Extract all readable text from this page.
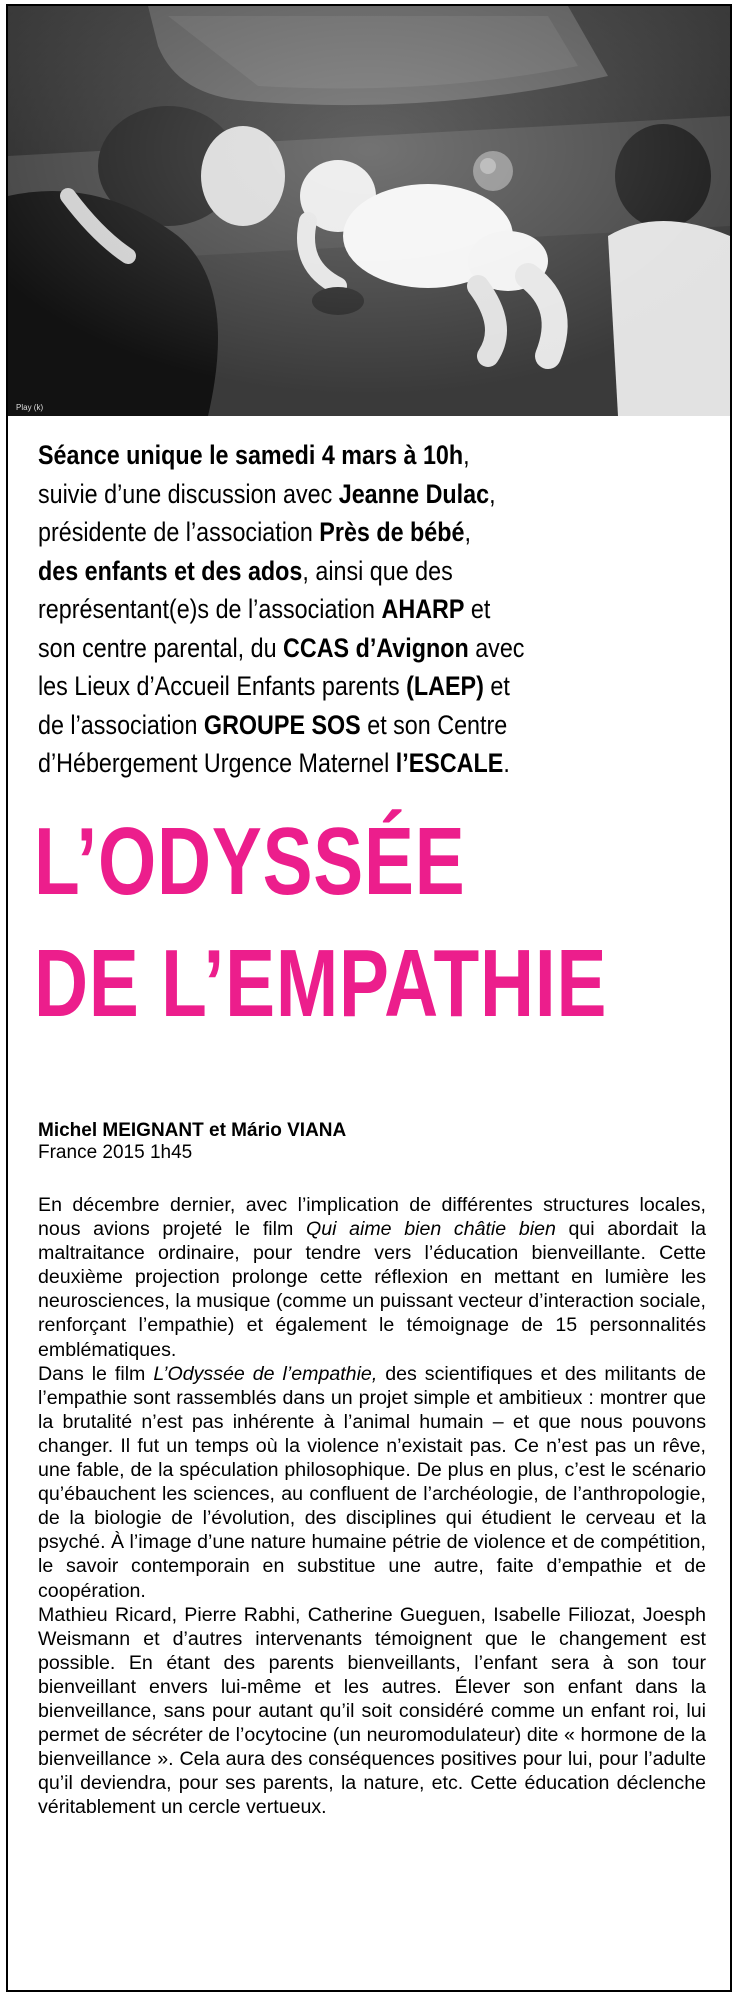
Play (k)
Séance unique le samedi 4 mars à 10h,
suivie d’une discussion avec Jeanne Dulac,
présidente de l’association Près de bébé,
des enfants et des ados, ainsi que des
représentant(e)s de l’association AHARP et
son centre parental, du CCAS d’Avignon avec
les Lieux d’Accueil Enfants parents (LAEP) et
de l’association GROUPE SOS et son Centre
d’Hébergement Urgence Maternel l’ESCALE.
L’ODYSSÉE
DE L’EMPATHIE
Michel MEIGNANT et Mário VIANA
France 2015 1h45

En décembre dernier, avec l’implication de différentes structures locales, nous avions projeté le film Qui aime bien châtie bien qui abordait la maltraitance ordinaire, pour tendre vers l’éducation bienveillante. Cette deuxième projection prolonge cette réflexion en mettant en lumière les neurosciences, la musique (comme un puissant vecteur d’interaction sociale, renforçant l’empathie) et également le témoignage de 15 personnalités emblématiques.

Dans le film L’Odyssée de l’empathie, des scientifiques et des militants de l’empathie sont rassemblés dans un projet simple et ambitieux : montrer que la brutalité n’est pas inhérente à l’animal humain – et que nous pouvons changer. Il fut un temps où la violence n’existait pas. Ce n’est pas un rêve, une fable, de la spéculation philosophique. De plus en plus, c’est le scénario qu’ébauchent les sciences, au confluent de l’archéologie, de l’anthropologie, de la biologie de l’évolution, des disciplines qui étudient le cerveau et la psyché. À l’image d’une nature humaine pétrie de violence et de compétition, le savoir contemporain en substitue une autre, faite d’empathie et de coopération.

Mathieu Ricard, Pierre Rabhi, Catherine Gueguen, Isabelle Filiozat, Joesph Weismann et d’autres intervenants témoignent que le changement est possible. En étant des parents bienveillants, l’enfant sera à son tour bienveillant envers lui-même et les autres. Élever son enfant dans la bienveillance, sans pour autant qu’il soit considéré comme un enfant roi, lui permet de sécréter de l’ocytocine (un neuromodulateur) dite « hormone de la bienveillance ». Cela aura des conséquences positives pour lui, pour l’adulte qu’il deviendra, pour ses parents, la nature, etc. Cette éducation déclenche véritablement un cercle vertueux.
